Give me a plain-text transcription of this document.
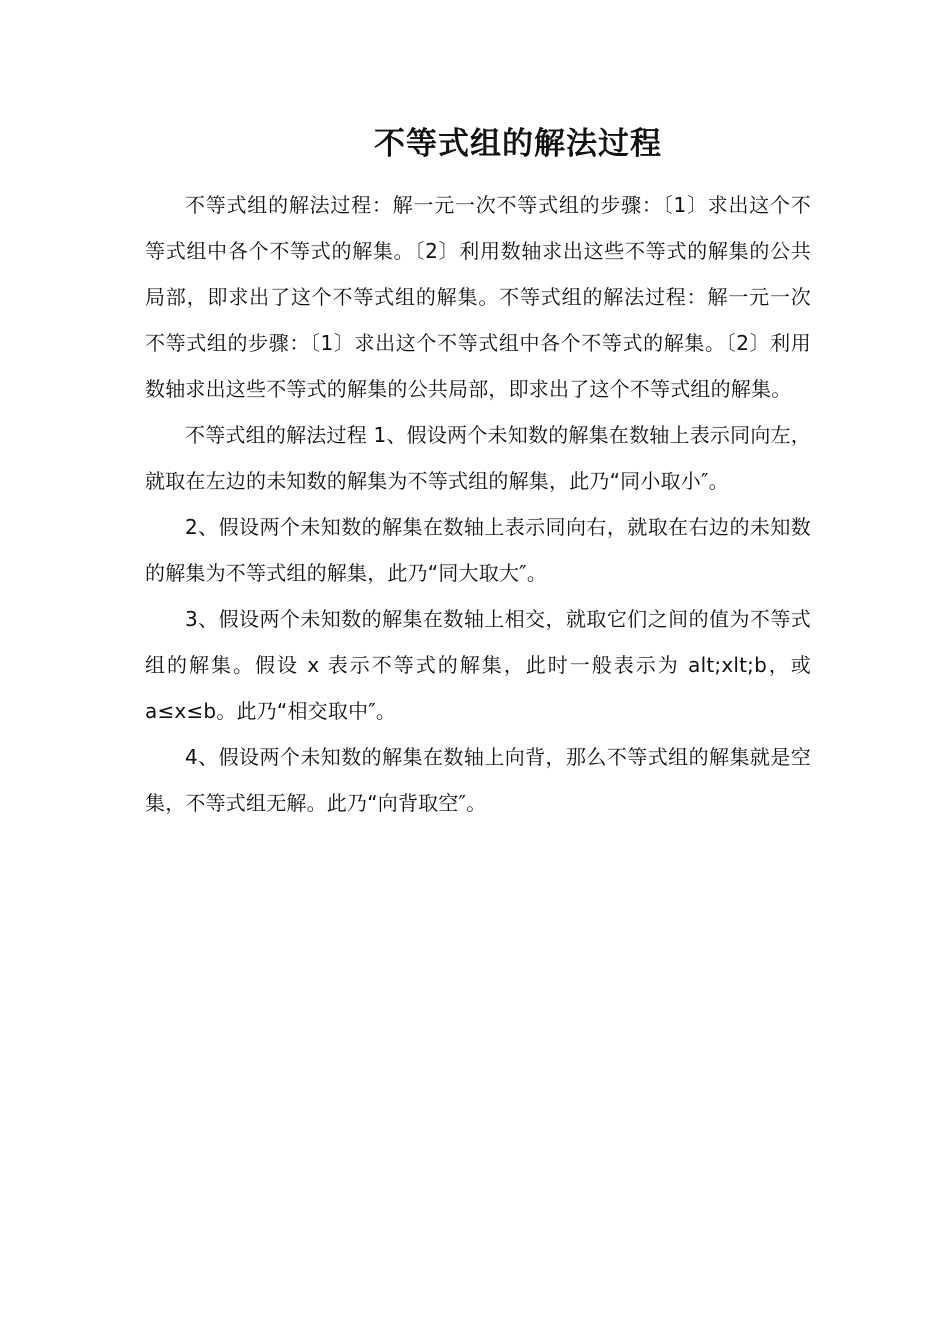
不等式组的解法过程

不等式组的解法过程：解一元一次不等式组的步骤：〔1〕求出这个不等式组中各个不等式的解集。〔2〕利用数轴求出这些不等式的解集的公共局部，即求出了这个不等式组的解集。不等式组的解法过程：解一元一次不等式组的步骤：〔1〕求出这个不等式组中各个不等式的解集。〔2〕利用数轴求出这些不等式的解集的公共局部，即求出了这个不等式组的解集。

不等式组的解法过程 1、假设两个未知数的解集在数轴上表示同向左，就取在左边的未知数的解集为不等式组的解集，此乃“同小取小″。

2、假设两个未知数的解集在数轴上表示同向右，就取在右边的未知数的解集为不等式组的解集，此乃“同大取大″。

3、假设两个未知数的解集在数轴上相交，就取它们之间的值为不等式组的解集。假设 x 表示不等式的解集，此时一般表示为 alt;xlt;b，或 a≤x≤b。此乃“相交取中″。

4、假设两个未知数的解集在数轴上向背，那么不等式组的解集就是空集，不等式组无解。此乃“向背取空″。
